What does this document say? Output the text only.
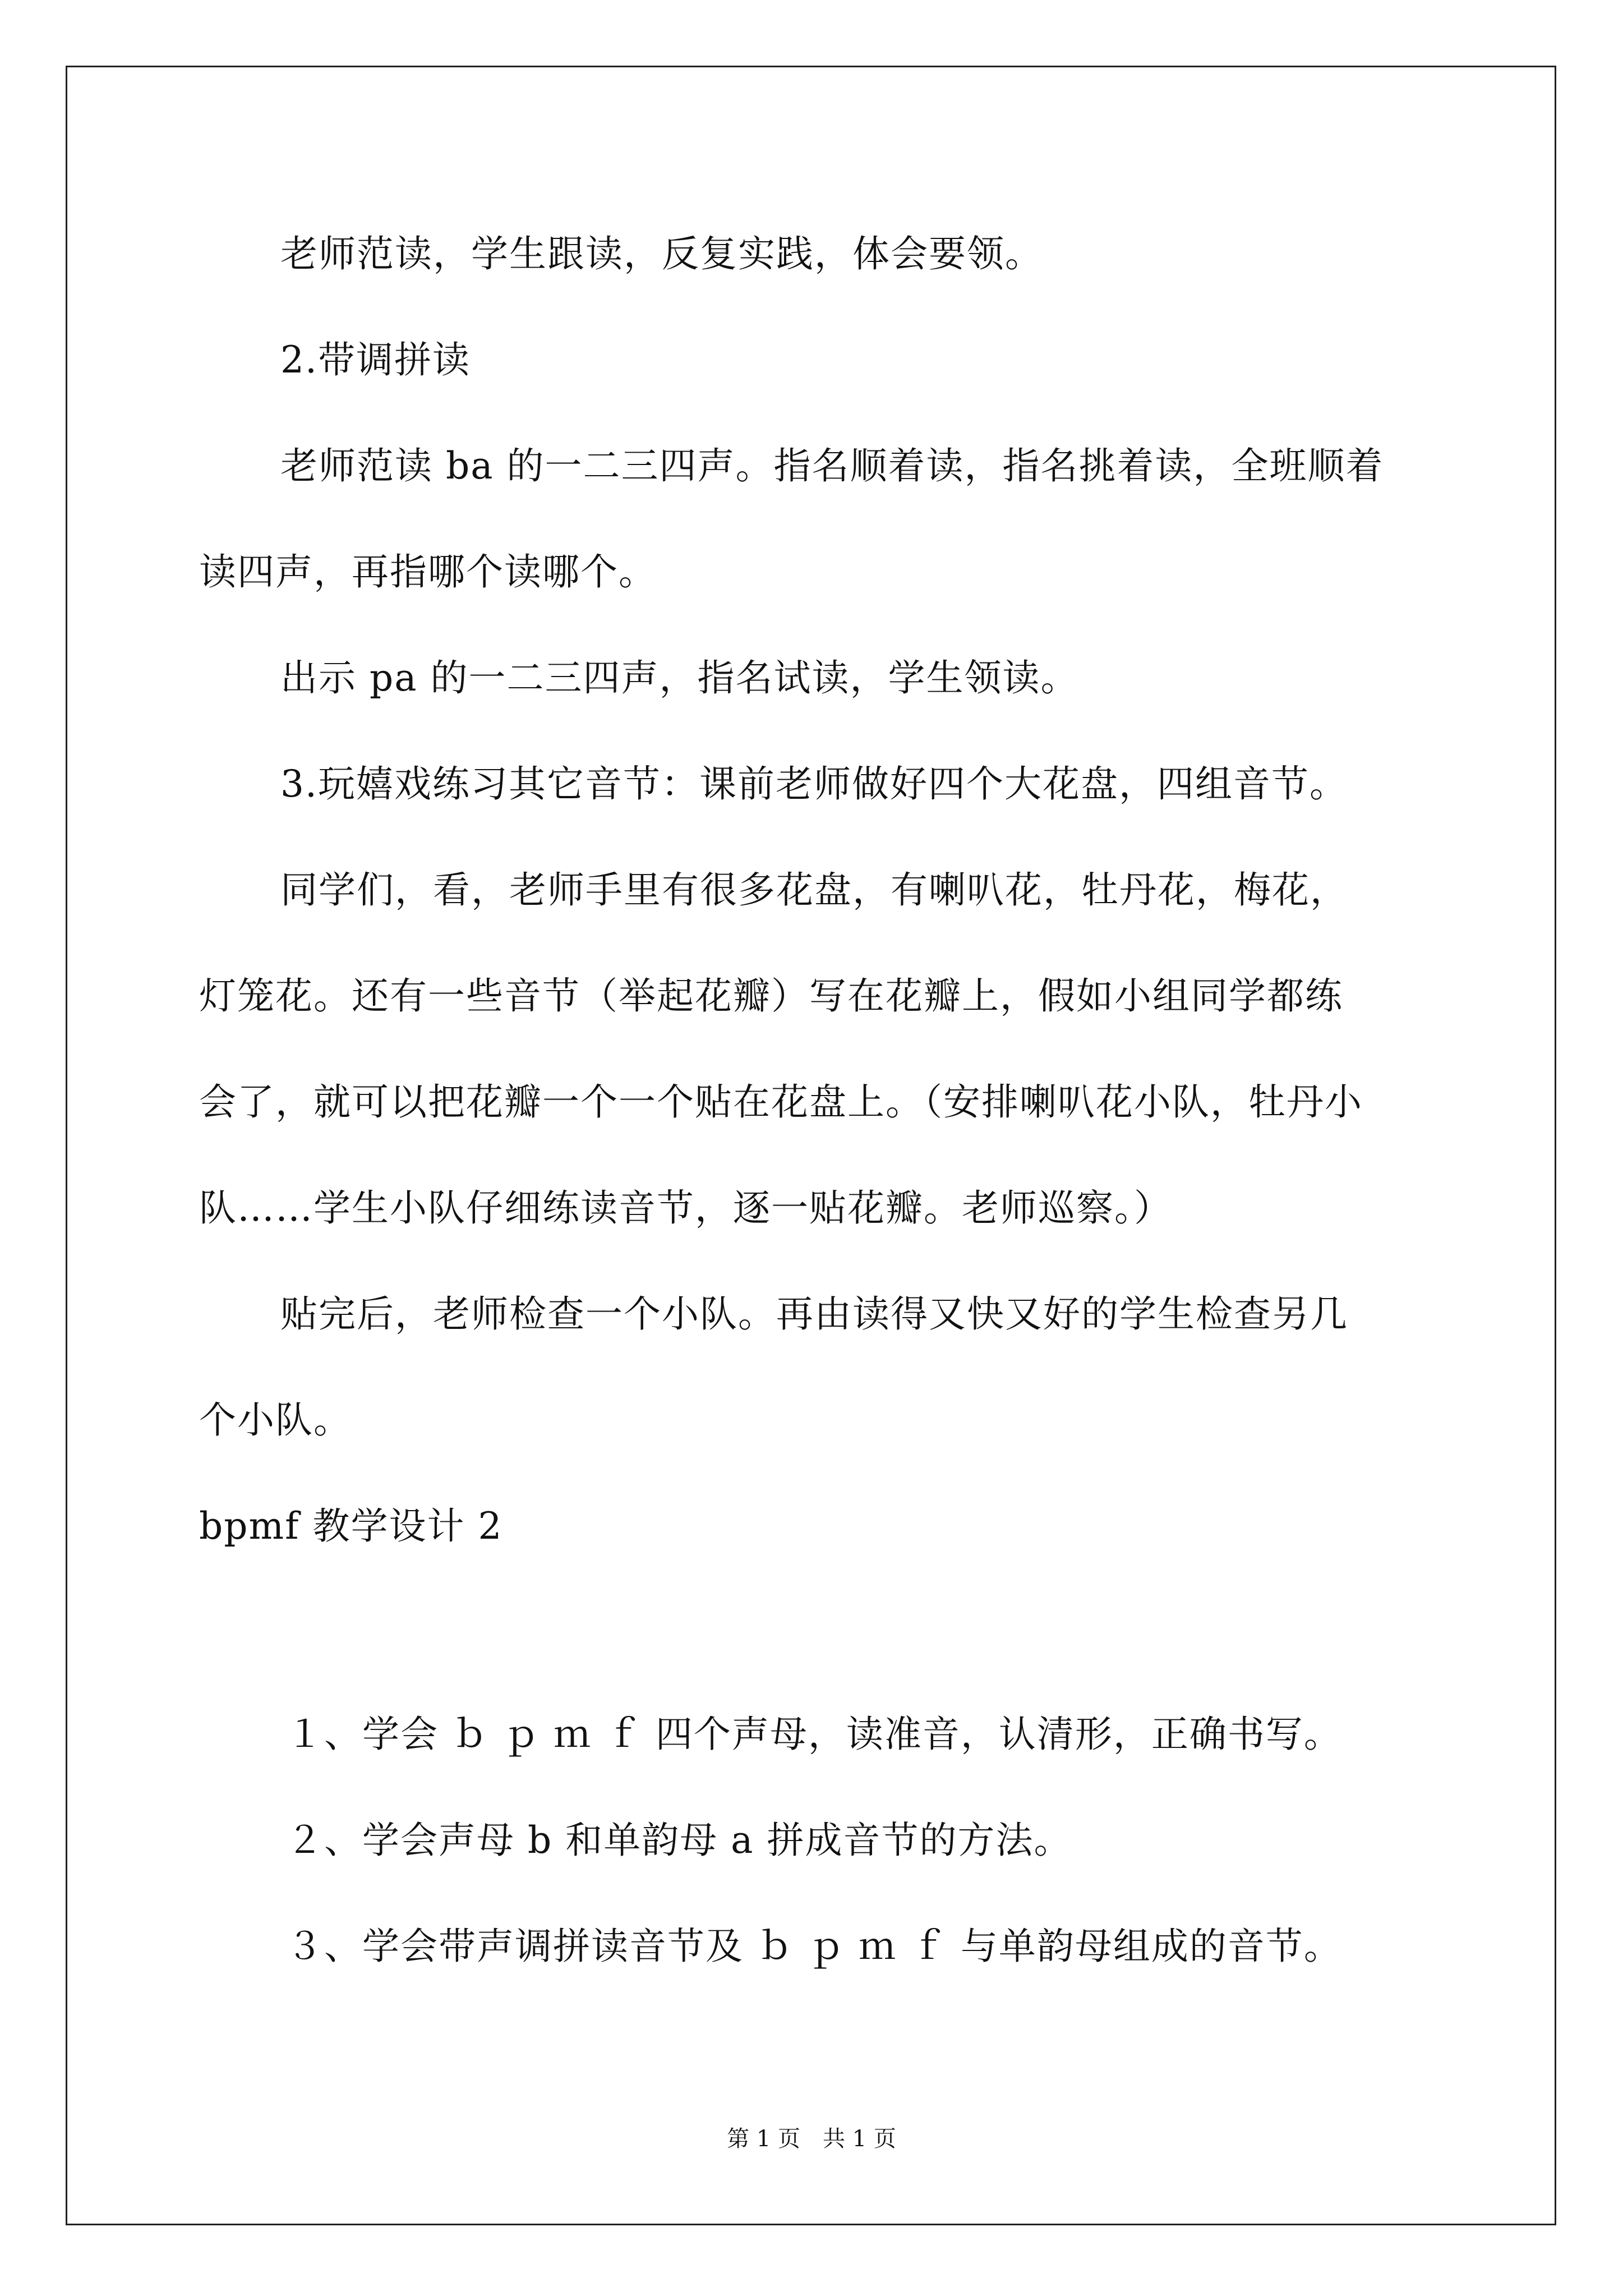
老师范读，学生跟读，反复实践，体会要领。
2.带调拼读
老师范读 ba 的一二三四声。指名顺着读，指名挑着读，全班顺着
读四声，再指哪个读哪个。
出示 pa 的一二三四声，指名试读，学生领读。
3.玩嬉戏练习其它音节：课前老师做好四个大花盘，四组音节。
同学们，看，老师手里有很多花盘，有喇叭花，牡丹花，梅花，
灯笼花。还有一些音节（举起花瓣）写在花瓣上，假如小组同学都练
会了，就可以把花瓣一个一个贴在花盘上。（安排喇叭花小队，牡丹小
队……学生小队仔细练读音节，逐一贴花瓣。老师巡察。）
贴完后，老师检查一个小队。再由读得又快又好的学生检查另几
个小队。
bpmf 教学设计 2
１、学会 ｂ ｐ ｍ ｆ 四个声母，读准音，认清形，正确书写。
２、学会声母 b 和单韵母 a 拼成音节的方法。
３、学会带声调拼读音节及 ｂ ｐ ｍ ｆ 与单韵母组成的音节。
第 1 页　共 1 页
